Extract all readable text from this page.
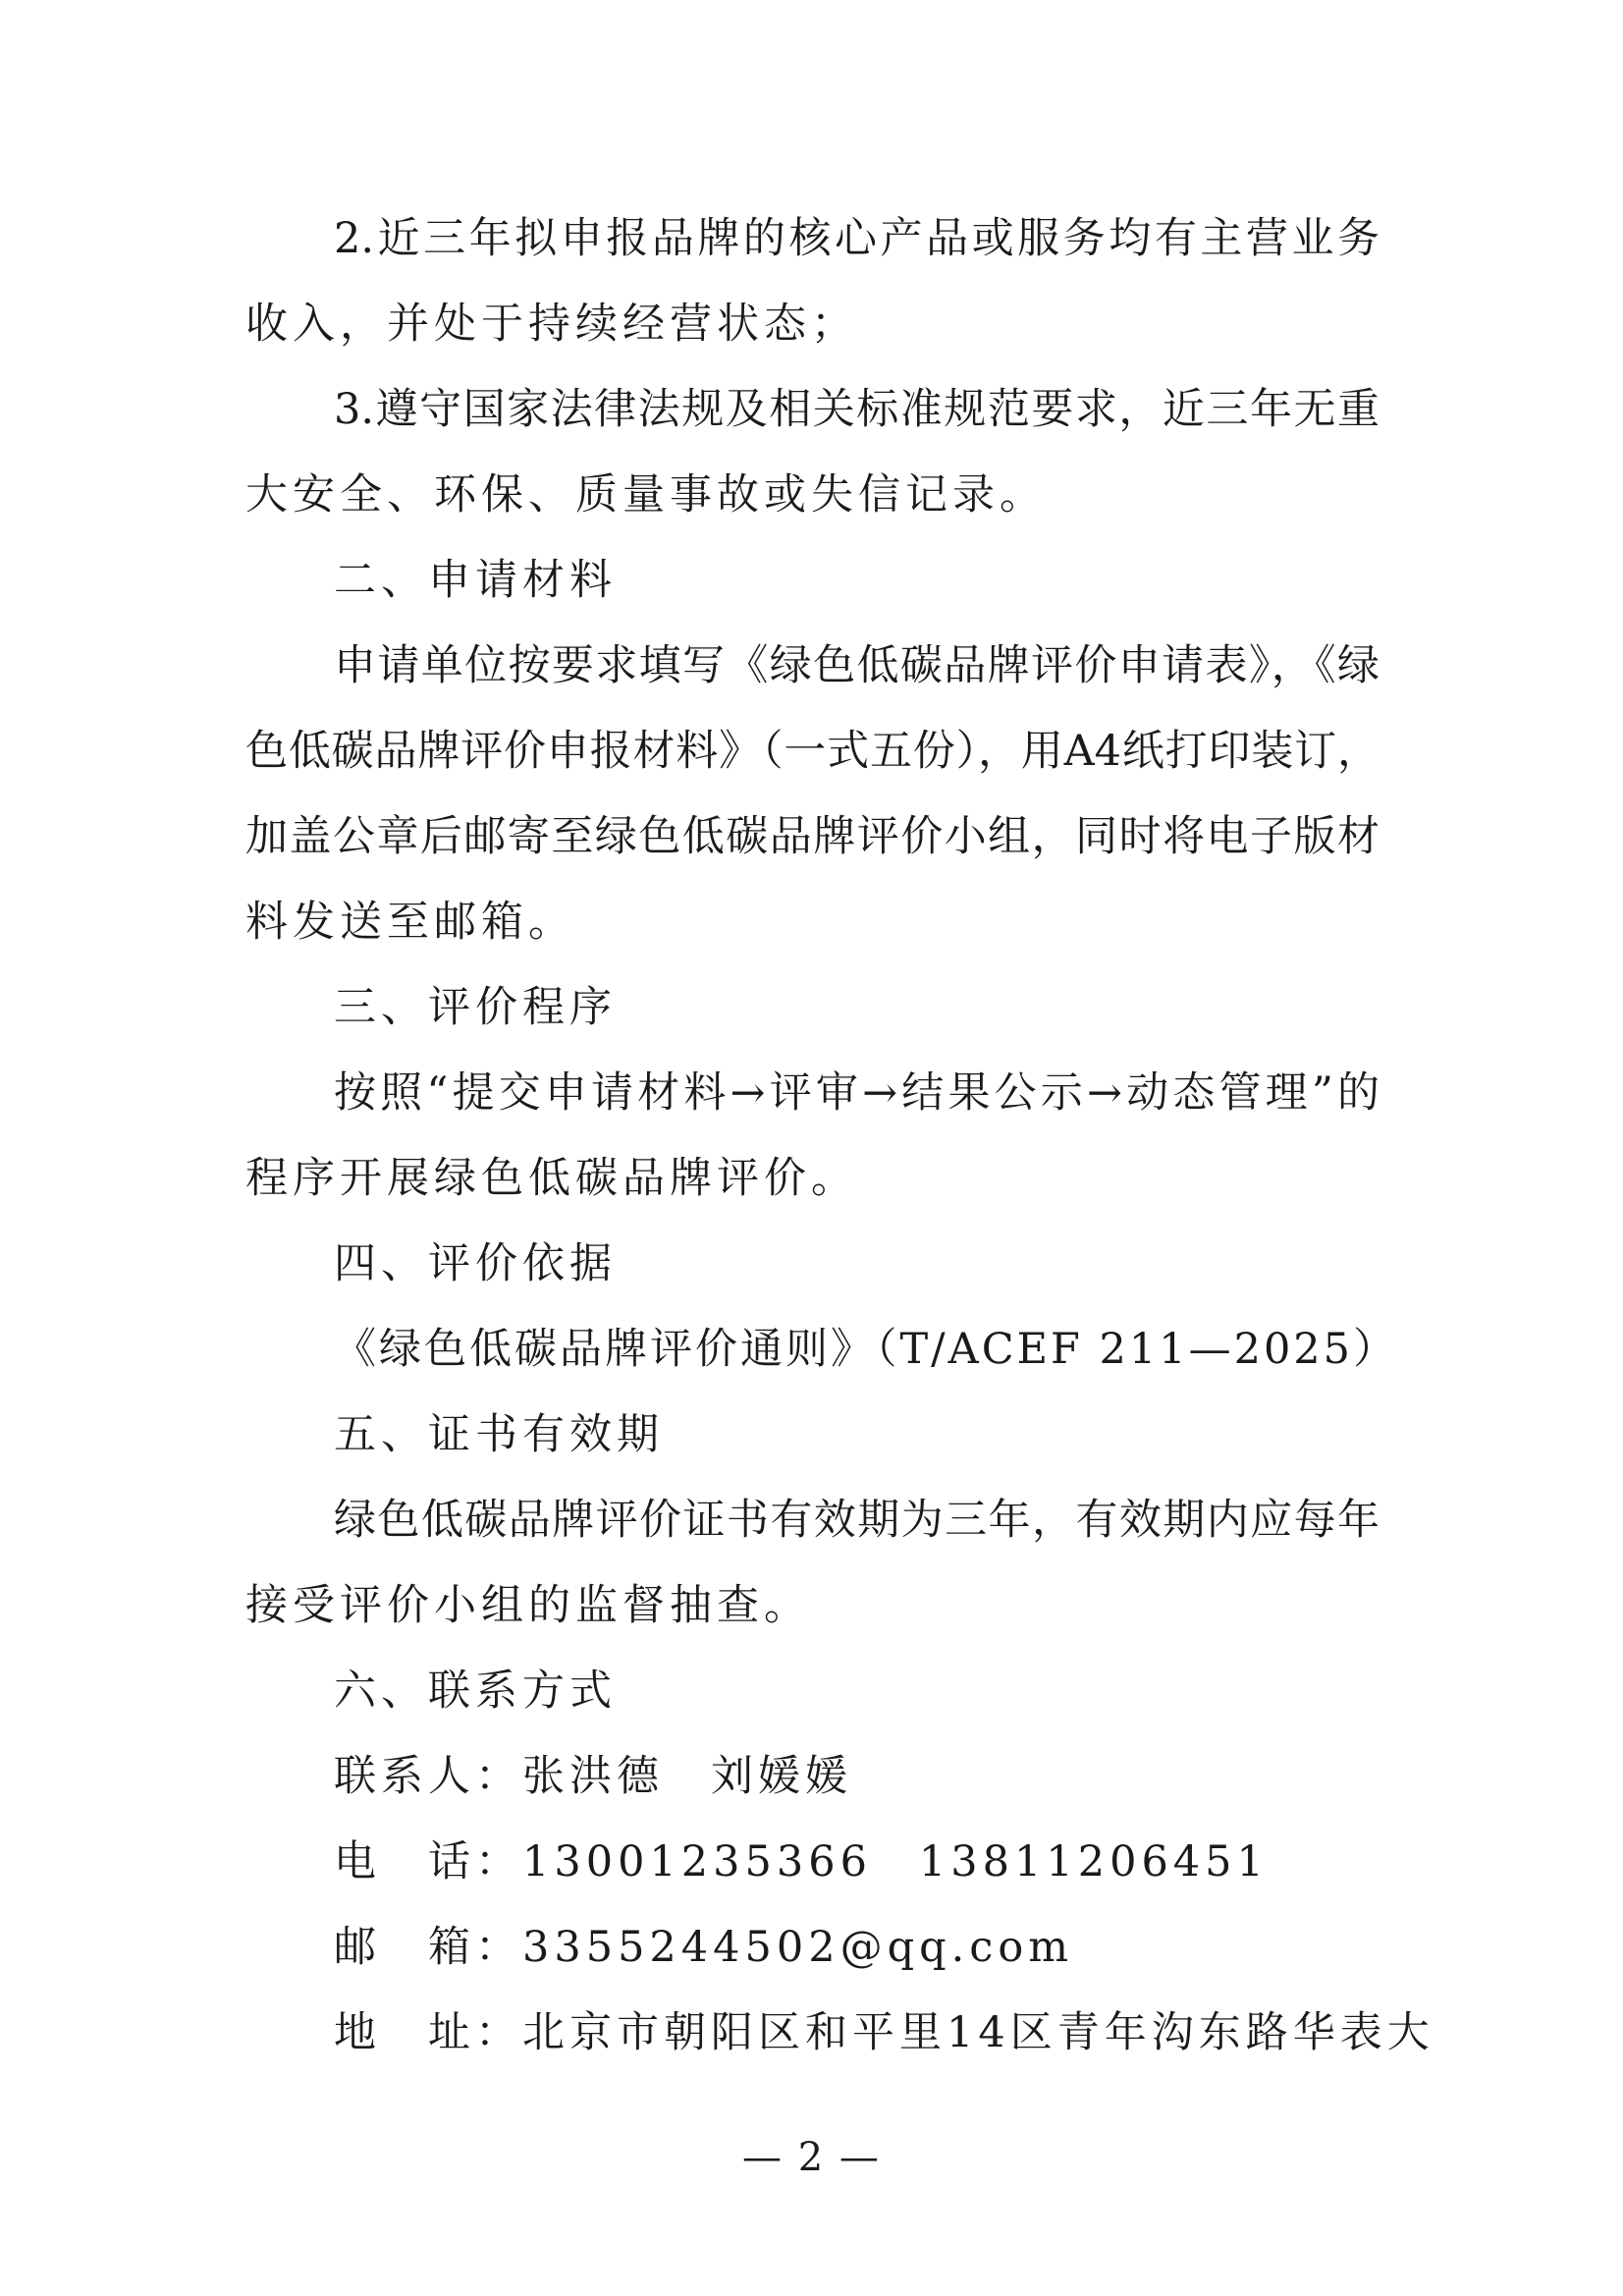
2.近三年拟申报品牌的核心产品或服务均有主营业务
收入，并处于持续经营状态；
3.遵守国家法律法规及相关标准规范要求，近三年无重
大安全、环保、质量事故或失信记录。
二、申请材料
申请单位按要求填写《绿色低碳品牌评价申请表》，《绿
色低碳品牌评价申报材料》（一式五份），用A4纸打印装订，
加盖公章后邮寄至绿色低碳品牌评价小组，同时将电子版材
料发送至邮箱。
三、评价程序
按照“提交申请材料→评审→结果公示→动态管理”的
程序开展绿色低碳品牌评价。
四、评价依据
《绿色低碳品牌评价通则》（T/ACEF 211—2025）
五、证书有效期
绿色低碳品牌评价证书有效期为三年，有效期内应每年
接受评价小组的监督抽查。
六、联系方式
联系人：张洪德　刘媛媛
电　话：13001235366　13811206451
邮　箱：3355244502@qq.com
地　址：北京市朝阳区和平里14区青年沟东路华表大
— 2 —
